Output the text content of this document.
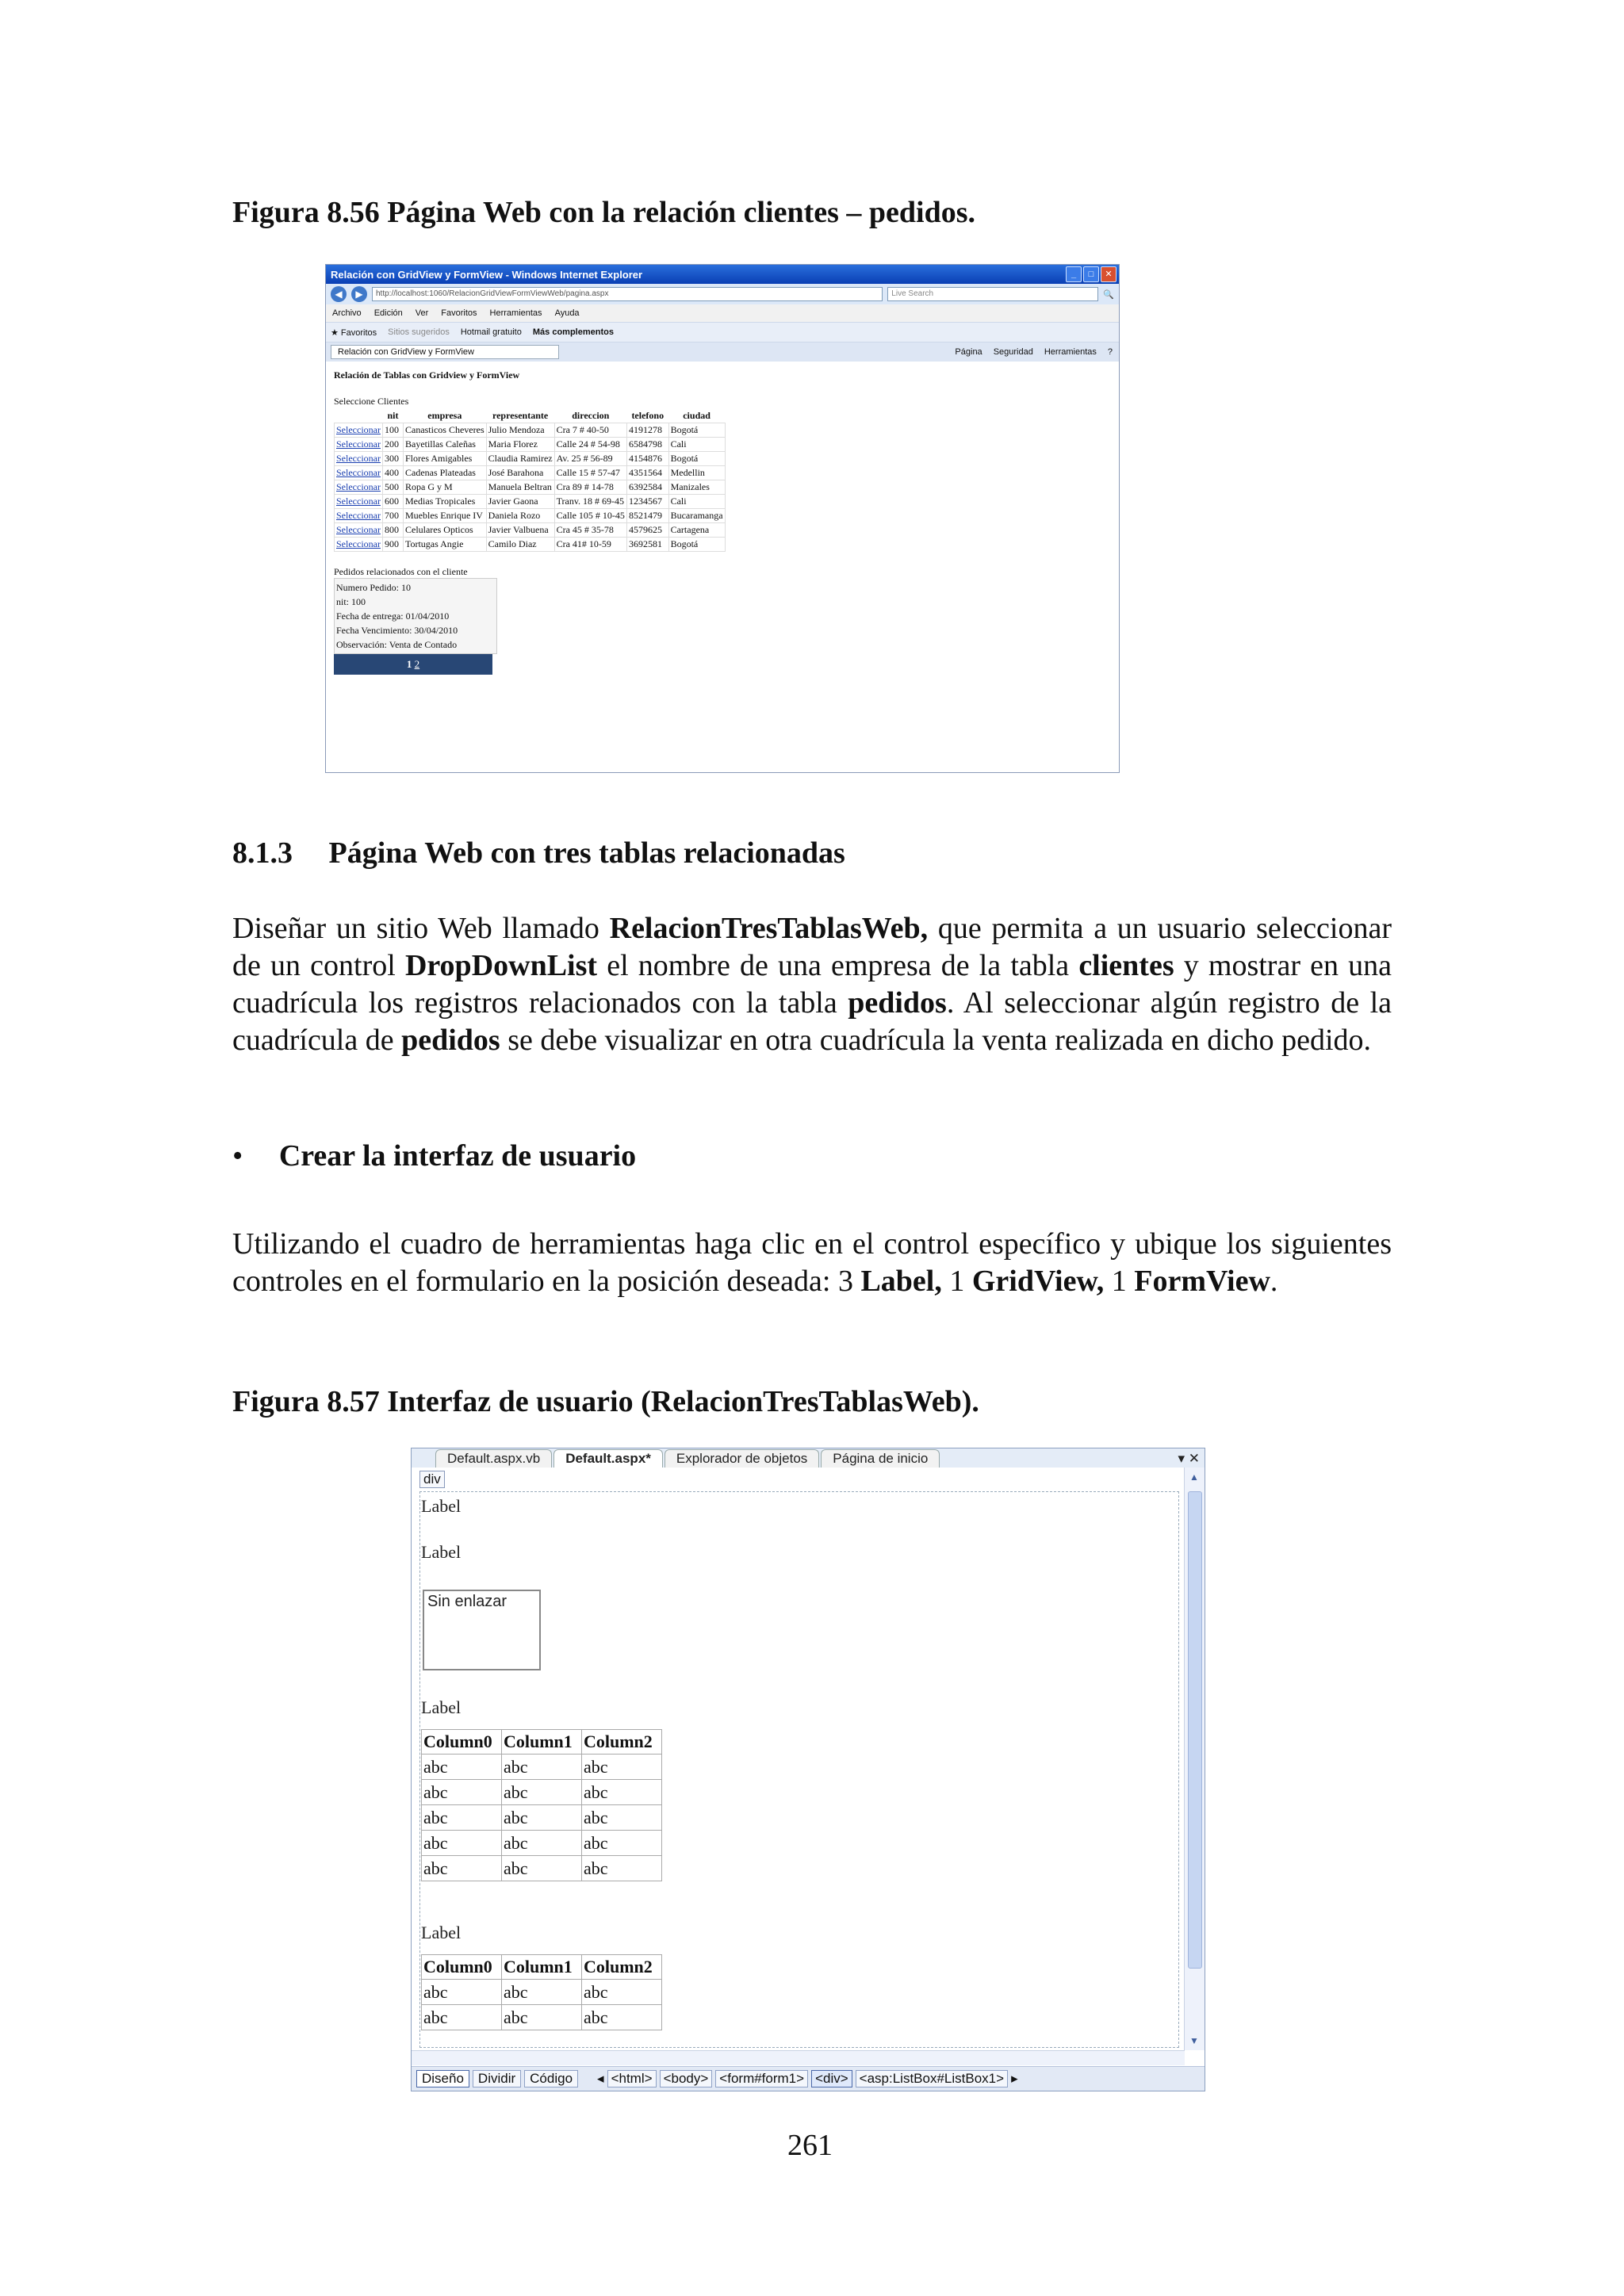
Figura 8.56 Página Web con la relación clientes – pedidos.
Relación con GridView y FormView - Windows Internet Explorer	_	□	✕
◀	▶	http://localhost:1060/RelacionGridViewFormViewWeb/pagina.aspx	Live Search	🔍
Archivo Edición Ver Favoritos Herramientas Ayuda
★ Favoritos Sitios sugeridos Hotmail gratuito Más complementos
Relación con GridView y FormView	Página Seguridad Herramientas ?
Relación de Tablas con Gridview y FormView
Seleccione Clientes
	nit	empresa	representante	direccion	telefono	ciudad
Seleccionar	100	Canasticos Cheveres	Julio Mendoza	Cra 7 # 40-50	4191278	Bogotá
Seleccionar	200	Bayetillas Caleñas	Maria Florez	Calle 24 # 54-98	6584798	Cali
Seleccionar	300	Flores Amigables	Claudia Ramirez	Av. 25 # 56-89	4154876	Bogotá
Seleccionar	400	Cadenas Plateadas	José Barahona	Calle 15 # 57-47	4351564	Medellin
Seleccionar	500	Ropa G y M	Manuela Beltran	Cra 89 # 14-78	6392584	Manizales
Seleccionar	600	Medias Tropicales	Javier Gaona	Tranv. 18 # 69-45	1234567	Cali
Seleccionar	700	Muebles Enrique IV	Daniela Rozo	Calle 105 # 10-45	8521479	Bucaramanga
Seleccionar	800	Celulares Opticos	Javier Valbuena	Cra 45 # 35-78	4579625	Cartagena
Seleccionar	900	Tortugas Angie	Camilo Diaz	Cra 41# 10-59	3692581	Bogotá
Pedidos relacionados con el cliente
Numero Pedido: 10
nit: 100
Fecha de entrega: 01/04/2010
Fecha Vencimiento: 30/04/2010
Observación: Venta de Contado
1 2
8.1.3 Página Web con tres tablas relacionadas
Diseñar un sitio Web llamado RelacionTresTablasWeb, que permita a un usuario seleccionar de un control DropDownList el nombre de una empresa de la tabla clientes y mostrar en una cuadrícula los registros relacionados con la tabla pedidos. Al seleccionar algún registro de la cuadrícula de pedidos se debe visualizar en otra cuadrícula la venta realizada en dicho pedido.
• Crear la interfaz de usuario
Utilizando el cuadro de herramientas haga clic en el control específico y ubique los siguientes controles en el formulario en la posición deseada: 3 Label, 1 GridView, 1 FormView.
Figura 8.57 Interfaz de usuario (RelacionTresTablasWeb).
Default.aspx.vb	Default.aspx*	Explorador de objetos	Página de inicio	▾ ✕
div
Label
Label
Sin enlazar
Label
Column0	Column1	Column2
abc	abc	abc
abc	abc	abc
abc	abc	abc
abc	abc	abc
abc	abc	abc
Label
Column0	Column1	Column2
abc	abc	abc
abc	abc	abc
▲
▼
Diseño	Dividir	Código	◂ <html> <body> <form#form1> <div> <asp:ListBox#ListBox1> ▸
261
